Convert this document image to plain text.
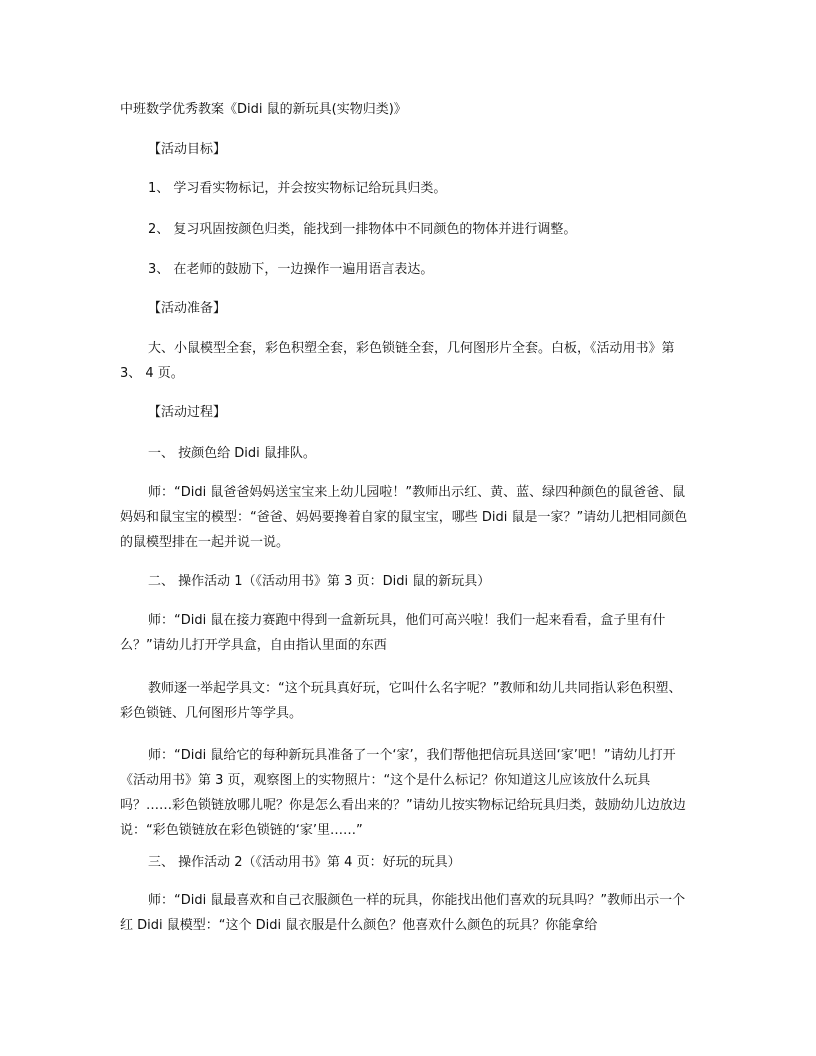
中班数学优秀教案《Didi 鼠的新玩具(实物归类)》
【活动目标】
1、 学习看实物标记，并会按实物标记给玩具归类。
2、 复习巩固按颜色归类，能找到一排物体中不同颜色的物体并进行调整。
3、 在老师的鼓励下，一边操作一遍用语言表达。
【活动准备】
大、小鼠模型全套，彩色积塑全套，彩色锁链全套，几何图形片全套。白板，《活动用书》第 3、 4 页。
【活动过程】
一、 按颜色给 Didi 鼠排队。
师：“Didi 鼠爸爸妈妈送宝宝来上幼儿园啦！”教师出示红、黄、蓝、绿四种颜色的鼠爸爸、鼠妈妈和鼠宝宝的模型：“爸爸、妈妈要搀着自家的鼠宝宝，哪些 Didi 鼠是一家？”请幼儿把相同颜色的鼠模型排在一起并说一说。
二、 操作活动 1（《活动用书》第 3 页：Didi 鼠的新玩具）
师：“Didi 鼠在接力赛跑中得到一盒新玩具，他们可高兴啦！我们一起来看看，盒子里有什么？”请幼儿打开学具盒，自由指认里面的东西
教师逐一举起学具文：“这个玩具真好玩，它叫什么名字呢？”教师和幼儿共同指认彩色积塑、彩色锁链、几何图形片等学具。
师：“Didi 鼠给它的每种新玩具准备了一个‘家’，我们帮他把信玩具送回‘家’吧！”请幼儿打开《活动用书》第 3 页，观察图上的实物照片：“这个是什么标记？你知道这儿应该放什么玩具吗？……彩色锁链放哪儿呢？你是怎么看出来的？”请幼儿按实物标记给玩具归类，鼓励幼儿边放边说：“彩色锁链放在彩色锁链的‘家’里……”
三、 操作活动 2（《活动用书》第 4 页：好玩的玩具）
师：“Didi 鼠最喜欢和自己衣服颜色一样的玩具，你能找出他们喜欢的玩具吗？”教师出示一个红 Didi 鼠模型：“这个 Didi 鼠衣服是什么颜色？他喜欢什么颜色的玩具？你能拿给
